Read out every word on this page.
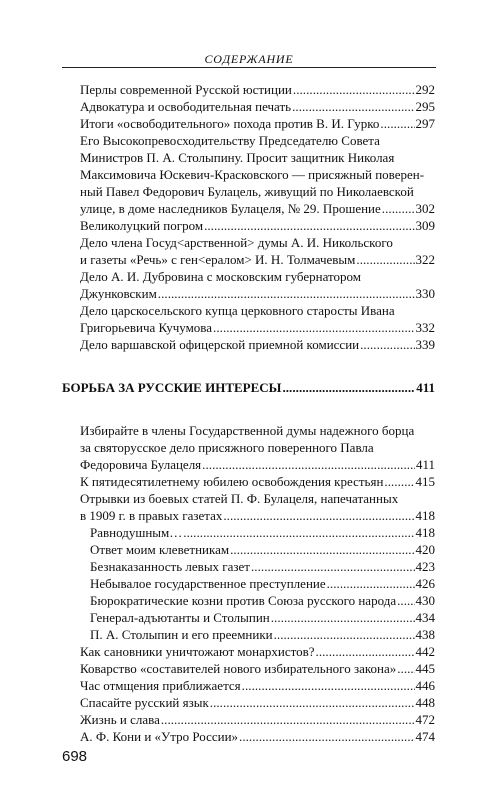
СОДЕРЖАНИЕ
Перлы современной Русской юстиции . . .	292
Адвокатура и освободительная печать . . .	295
Итоги «освободительного» похода против В. И. Гурко . . .	297
Его Высокопревосходительству Председателю Совета
Министров П. А. Столыпину. Просит защитник Николая
Максимовича Юскевич-Красковского — присяжный поверен-
ный Павел Федорович Булацель, живущий по Николаевской
улице, в доме наследников Булацеля, № 29. Прошение . . .	302
Великолуцкий погром . . .	309
Дело члена Госуд<арственной> думы А. И. Никольского
и газеты «Речь» с ген<ералом> И. Н. Толмачевым . . .	322
Дело А. И. Дубровина с московским губернатором
Джунковским . . .	330
Дело царскосельского купца церковного старосты Ивана
Григорьевича Кучумова . . .	332
Дело варшавской офицерской приемной комиссии . . .	339
БОРЬБА ЗА РУССКИЕ ИНТЕРЕСЫ . . .	411
Избирайте в члены Государственной думы надежного борца
за святорусское дело присяжного поверенного Павла
Федоровича Булацеля . . .	411
К пятидесятилетнему юбилею освобождения крестьян . . . 415
Отрывки из боевых статей П. Ф. Булацеля, напечатанных
в 1909 г. в правых газетах . . .	418
Равнодушным… . . .	418
Ответ моим клеветникам . . .	420
Безнаказанность левых газет . . .	423
Небывалое государственное преступление . . .	426
Бюрократические козни против Союза русского народа . . . 430
Генерал-адъютанты и Столыпин . . .	434
П. А. Столыпин и его преемники . . .	438
Как сановники уничтожают монархистов? . . .	442
Коварство «составителей нового избирательного закона» . . . 445
Час отмщения приближается . . .	446
Спасайте русский язык . . .	448
Жизнь и слава . . .	472
А. Ф. Кони и «Утро России» . . .	474
698
